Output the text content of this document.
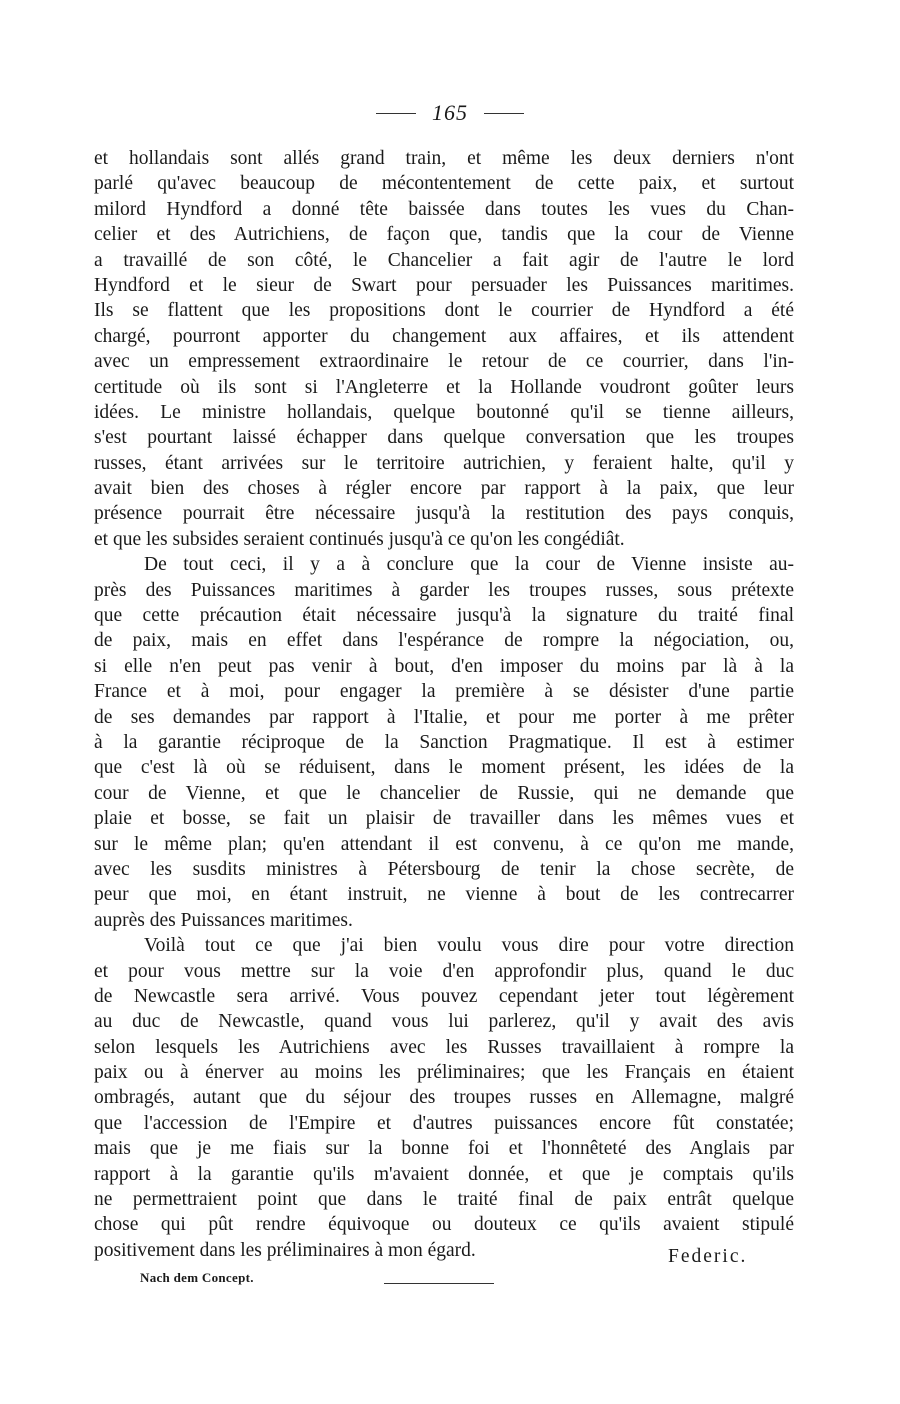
165
et hollandais sont allés grand train, et même les deux derniers n'ont
parlé qu'avec beaucoup de mécontentement de cette paix, et surtout
milord Hyndford a donné tête baissée dans toutes les vues du Chan-
celier et des Autrichiens, de façon que, tandis que la cour de Vienne
a travaillé de son côté, le Chancelier a fait agir de l'autre le lord
Hyndford et le sieur de Swart pour persuader les Puissances maritimes.
Ils se flattent que les propositions dont le courrier de Hyndford a été
chargé, pourront apporter du changement aux affaires, et ils attendent
avec un empressement extraordinaire le retour de ce courrier, dans l'in-
certitude où ils sont si l'Angleterre et la Hollande voudront goûter leurs
idées. Le ministre hollandais, quelque boutonné qu'il se tienne ailleurs,
s'est pourtant laissé échapper dans quelque conversation que les troupes
russes, étant arrivées sur le territoire autrichien, y feraient halte, qu'il y
avait bien des choses à régler encore par rapport à la paix, que leur
présence pourrait être nécessaire jusqu'à la restitution des pays conquis,
et que les subsides seraient continués jusqu'à ce qu'on les congédiât.
De tout ceci, il y a à conclure que la cour de Vienne insiste au-
près des Puissances maritimes à garder les troupes russes, sous prétexte
que cette précaution était nécessaire jusqu'à la signature du traité final
de paix, mais en effet dans l'espérance de rompre la négociation, ou,
si elle n'en peut pas venir à bout, d'en imposer du moins par là à la
France et à moi, pour engager la première à se désister d'une partie
de ses demandes par rapport à l'Italie, et pour me porter à me prêter
à la garantie réciproque de la Sanction Pragmatique. Il est à estimer
que c'est là où se réduisent, dans le moment présent, les idées de la
cour de Vienne, et que le chancelier de Russie, qui ne demande que
plaie et bosse, se fait un plaisir de travailler dans les mêmes vues et
sur le même plan; qu'en attendant il est convenu, à ce qu'on me mande,
avec les susdits ministres à Pétersbourg de tenir la chose secrète, de
peur que moi, en étant instruit, ne vienne à bout de les contrecarrer
auprès des Puissances maritimes.
Voilà tout ce que j'ai bien voulu vous dire pour votre direction
et pour vous mettre sur la voie d'en approfondir plus, quand le duc
de Newcastle sera arrivé. Vous pouvez cependant jeter tout légèrement
au duc de Newcastle, quand vous lui parlerez, qu'il y avait des avis
selon lesquels les Autrichiens avec les Russes travaillaient à rompre la
paix ou à énerver au moins les préliminaires; que les Français en étaient
ombragés, autant que du séjour des troupes russes en Allemagne, malgré
que l'accession de l'Empire et d'autres puissances encore fût constatée;
mais que je me fiais sur la bonne foi et l'honnêteté des Anglais par
rapport à la garantie qu'ils m'avaient donnée, et que je comptais qu'ils
ne permettraient point que dans le traité final de paix entrât quelque
chose qui pût rendre équivoque ou douteux ce qu'ils avaient stipulé
positivement dans les préliminaires à mon égard.	Federic.
Nach dem Concept.
